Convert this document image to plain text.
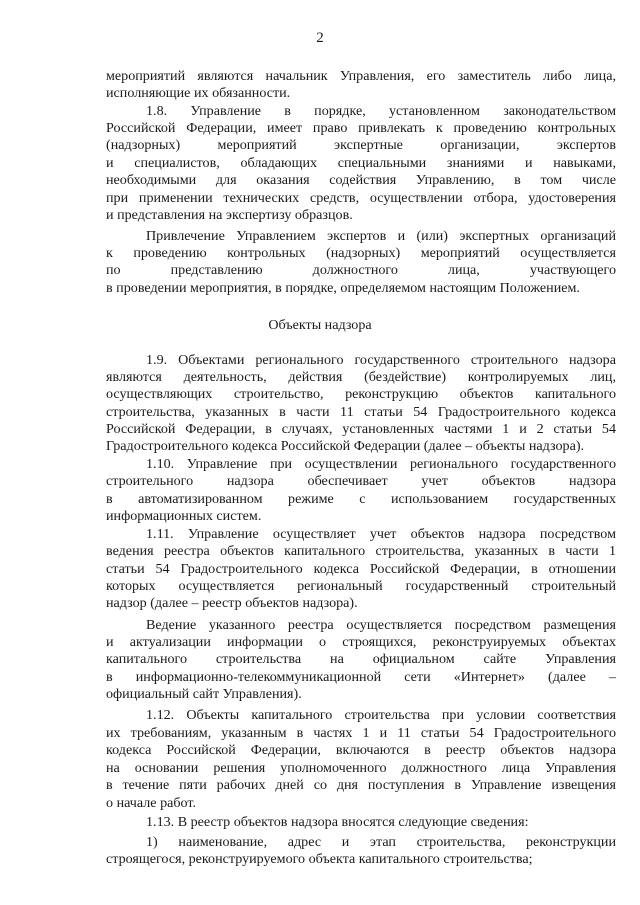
2
мероприятий являются начальник Управления, его заместитель либо лица,
исполняющие их обязанности.
1.8. Управление в порядке, установленном законодательством
Российской Федерации, имеет право привлекать к проведению контрольных
(надзорных) мероприятий экспертные организации, экспертов
и специалистов, обладающих специальными знаниями и навыками,
необходимыми для оказания содействия Управлению, в том числе
при применении технических средств, осуществлении отбора, удостоверения
и представления на экспертизу образцов.
Привлечение Управлением экспертов и (или) экспертных организаций
к проведению контрольных (надзорных) мероприятий осуществляется
по представлению должностного лица, участвующего
в проведении мероприятия, в порядке, определяемом настоящим Положением.
Объекты надзора
1.9. Объектами регионального государственного строительного надзора
являются деятельность, действия (бездействие) контролируемых лиц,
осуществляющих строительство, реконструкцию объектов капитального
строительства, указанных в части 11 статьи 54 Градостроительного кодекса
Российской Федерации, в случаях, установленных частями 1 и 2 статьи 54
Градостроительного кодекса Российской Федерации (далее – объекты надзора).
1.10. Управление при осуществлении регионального государственного
строительного надзора обеспечивает учет объектов надзора
в автоматизированном режиме с использованием государственных
информационных систем.
1.11. Управление осуществляет учет объектов надзора посредством
ведения реестра объектов капитального строительства, указанных в части 1
статьи 54 Градостроительного кодекса Российской Федерации, в отношении
которых осуществляется региональный государственный строительный
надзор (далее – реестр объектов надзора).
Ведение указанного реестра осуществляется посредством размещения
и актуализации информации о строящихся, реконструируемых объектах
капитального строительства на официальном сайте Управления
в информационно-телекоммуникационной сети «Интернет» (далее –
официальный сайт Управления).
1.12. Объекты капитального строительства при условии соответствия
их требованиям, указанным в частях 1 и 11 статьи 54 Градостроительного
кодекса Российской Федерации, включаются в реестр объектов надзора
на основании решения уполномоченного должностного лица Управления
в течение пяти рабочих дней со дня поступления в Управление извещения
о начале работ.
1.13. В реестр объектов надзора вносятся следующие сведения:
1) наименование, адрес и этап строительства, реконструкции
строящегося, реконструируемого объекта капитального строительства;
